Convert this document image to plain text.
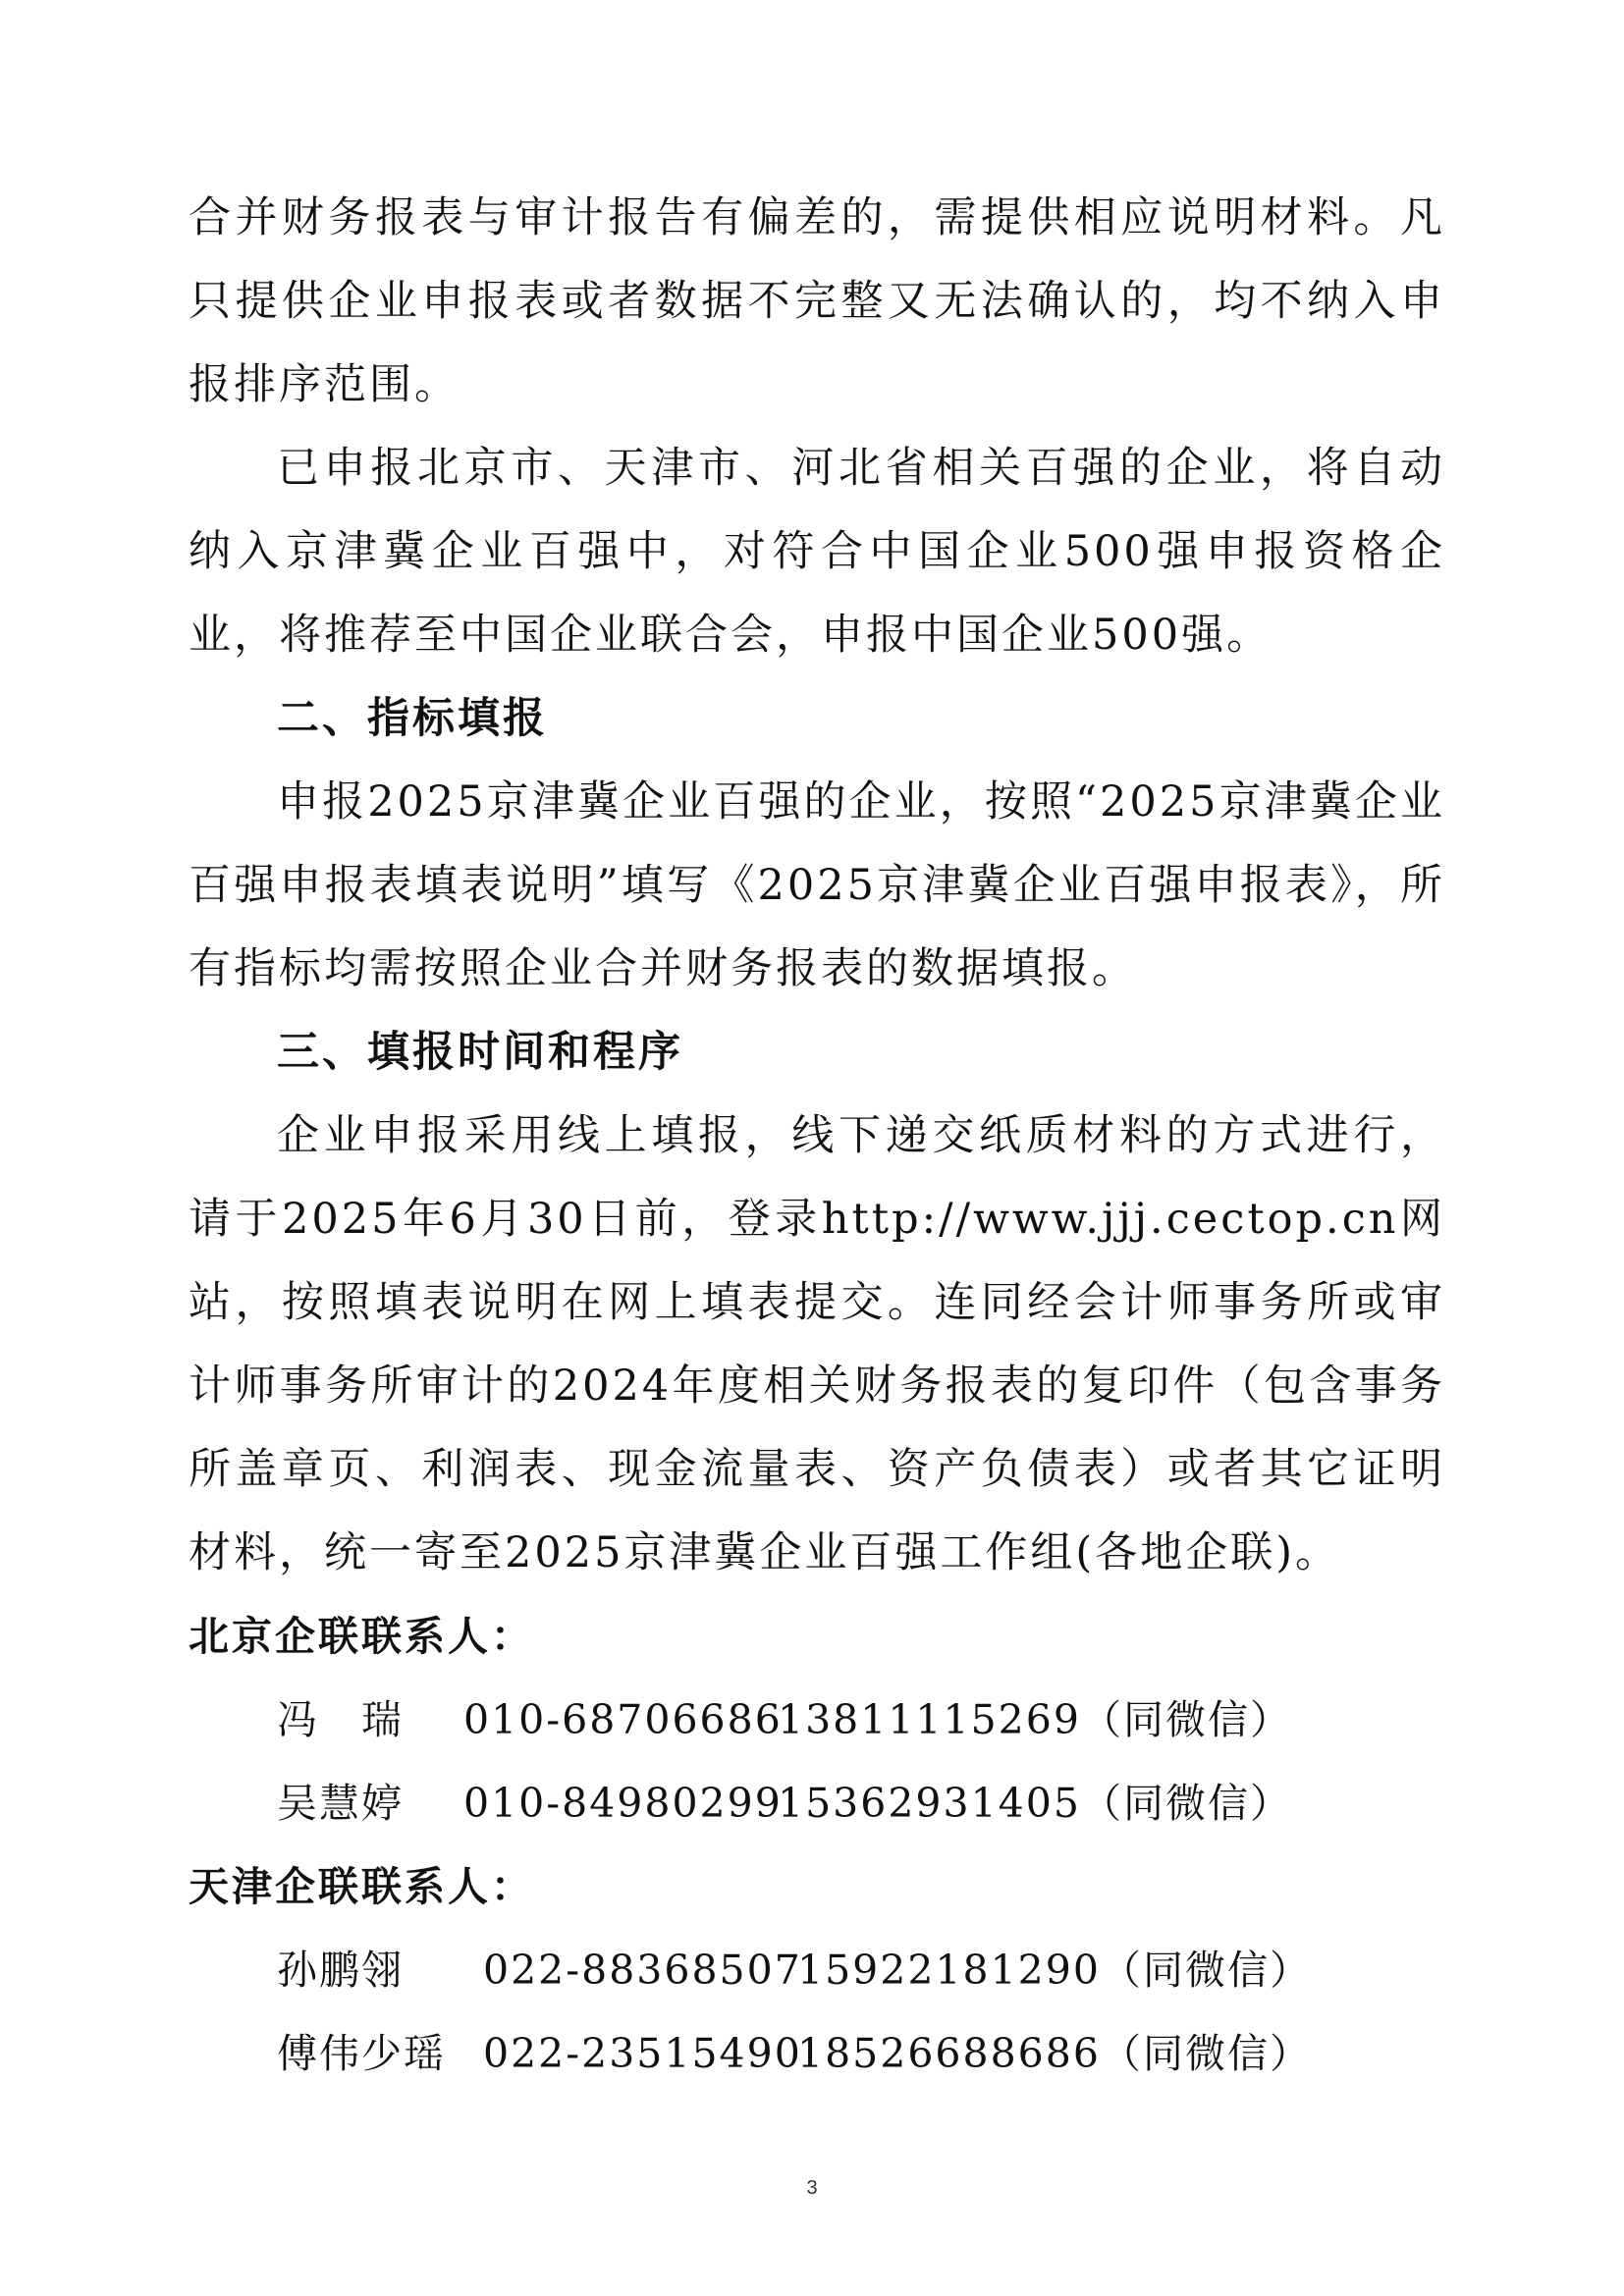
合并财务报表与审计报告有偏差的，需提供相应说明材料。凡只提供企业申报表或者数据不完整又无法确认的，均不纳入申报排序范围。

已申报北京市、天津市、河北省相关百强的企业，将自动纳入京津冀企业百强中，对符合中国企业500强申报资格企业，将推荐至中国企业联合会，申报中国企业500强。

二、指标填报

申报2025京津冀企业百强的企业，按照“2025京津冀企业百强申报表填表说明”填写《2025京津冀企业百强申报表》，所有指标均需按照企业合并财务报表的数据填报。

三、填报时间和程序

企业申报采用线上填报，线下递交纸质材料的方式进行，请于2025年6月30日前，登录http://www.jjj.cectop.cn网站，按照填表说明在网上填表提交。连同经会计师事务所或审计师事务所审计的2024年度相关财务报表的复印件（包含事务所盖章页、利润表、现金流量表、资产负债表）或者其它证明材料，统一寄至2025京津冀企业百强工作组(各地企联)。

北京企联联系人：
冯　瑞 010-6870668613811115269（同微信）
吴慧婷 010-8498029915362931405（同微信）
天津企联联系人：
孙鹏翎 022-8836850715922181290（同微信）
傅伟少瑶 022-2351549018526688686（同微信）
3
